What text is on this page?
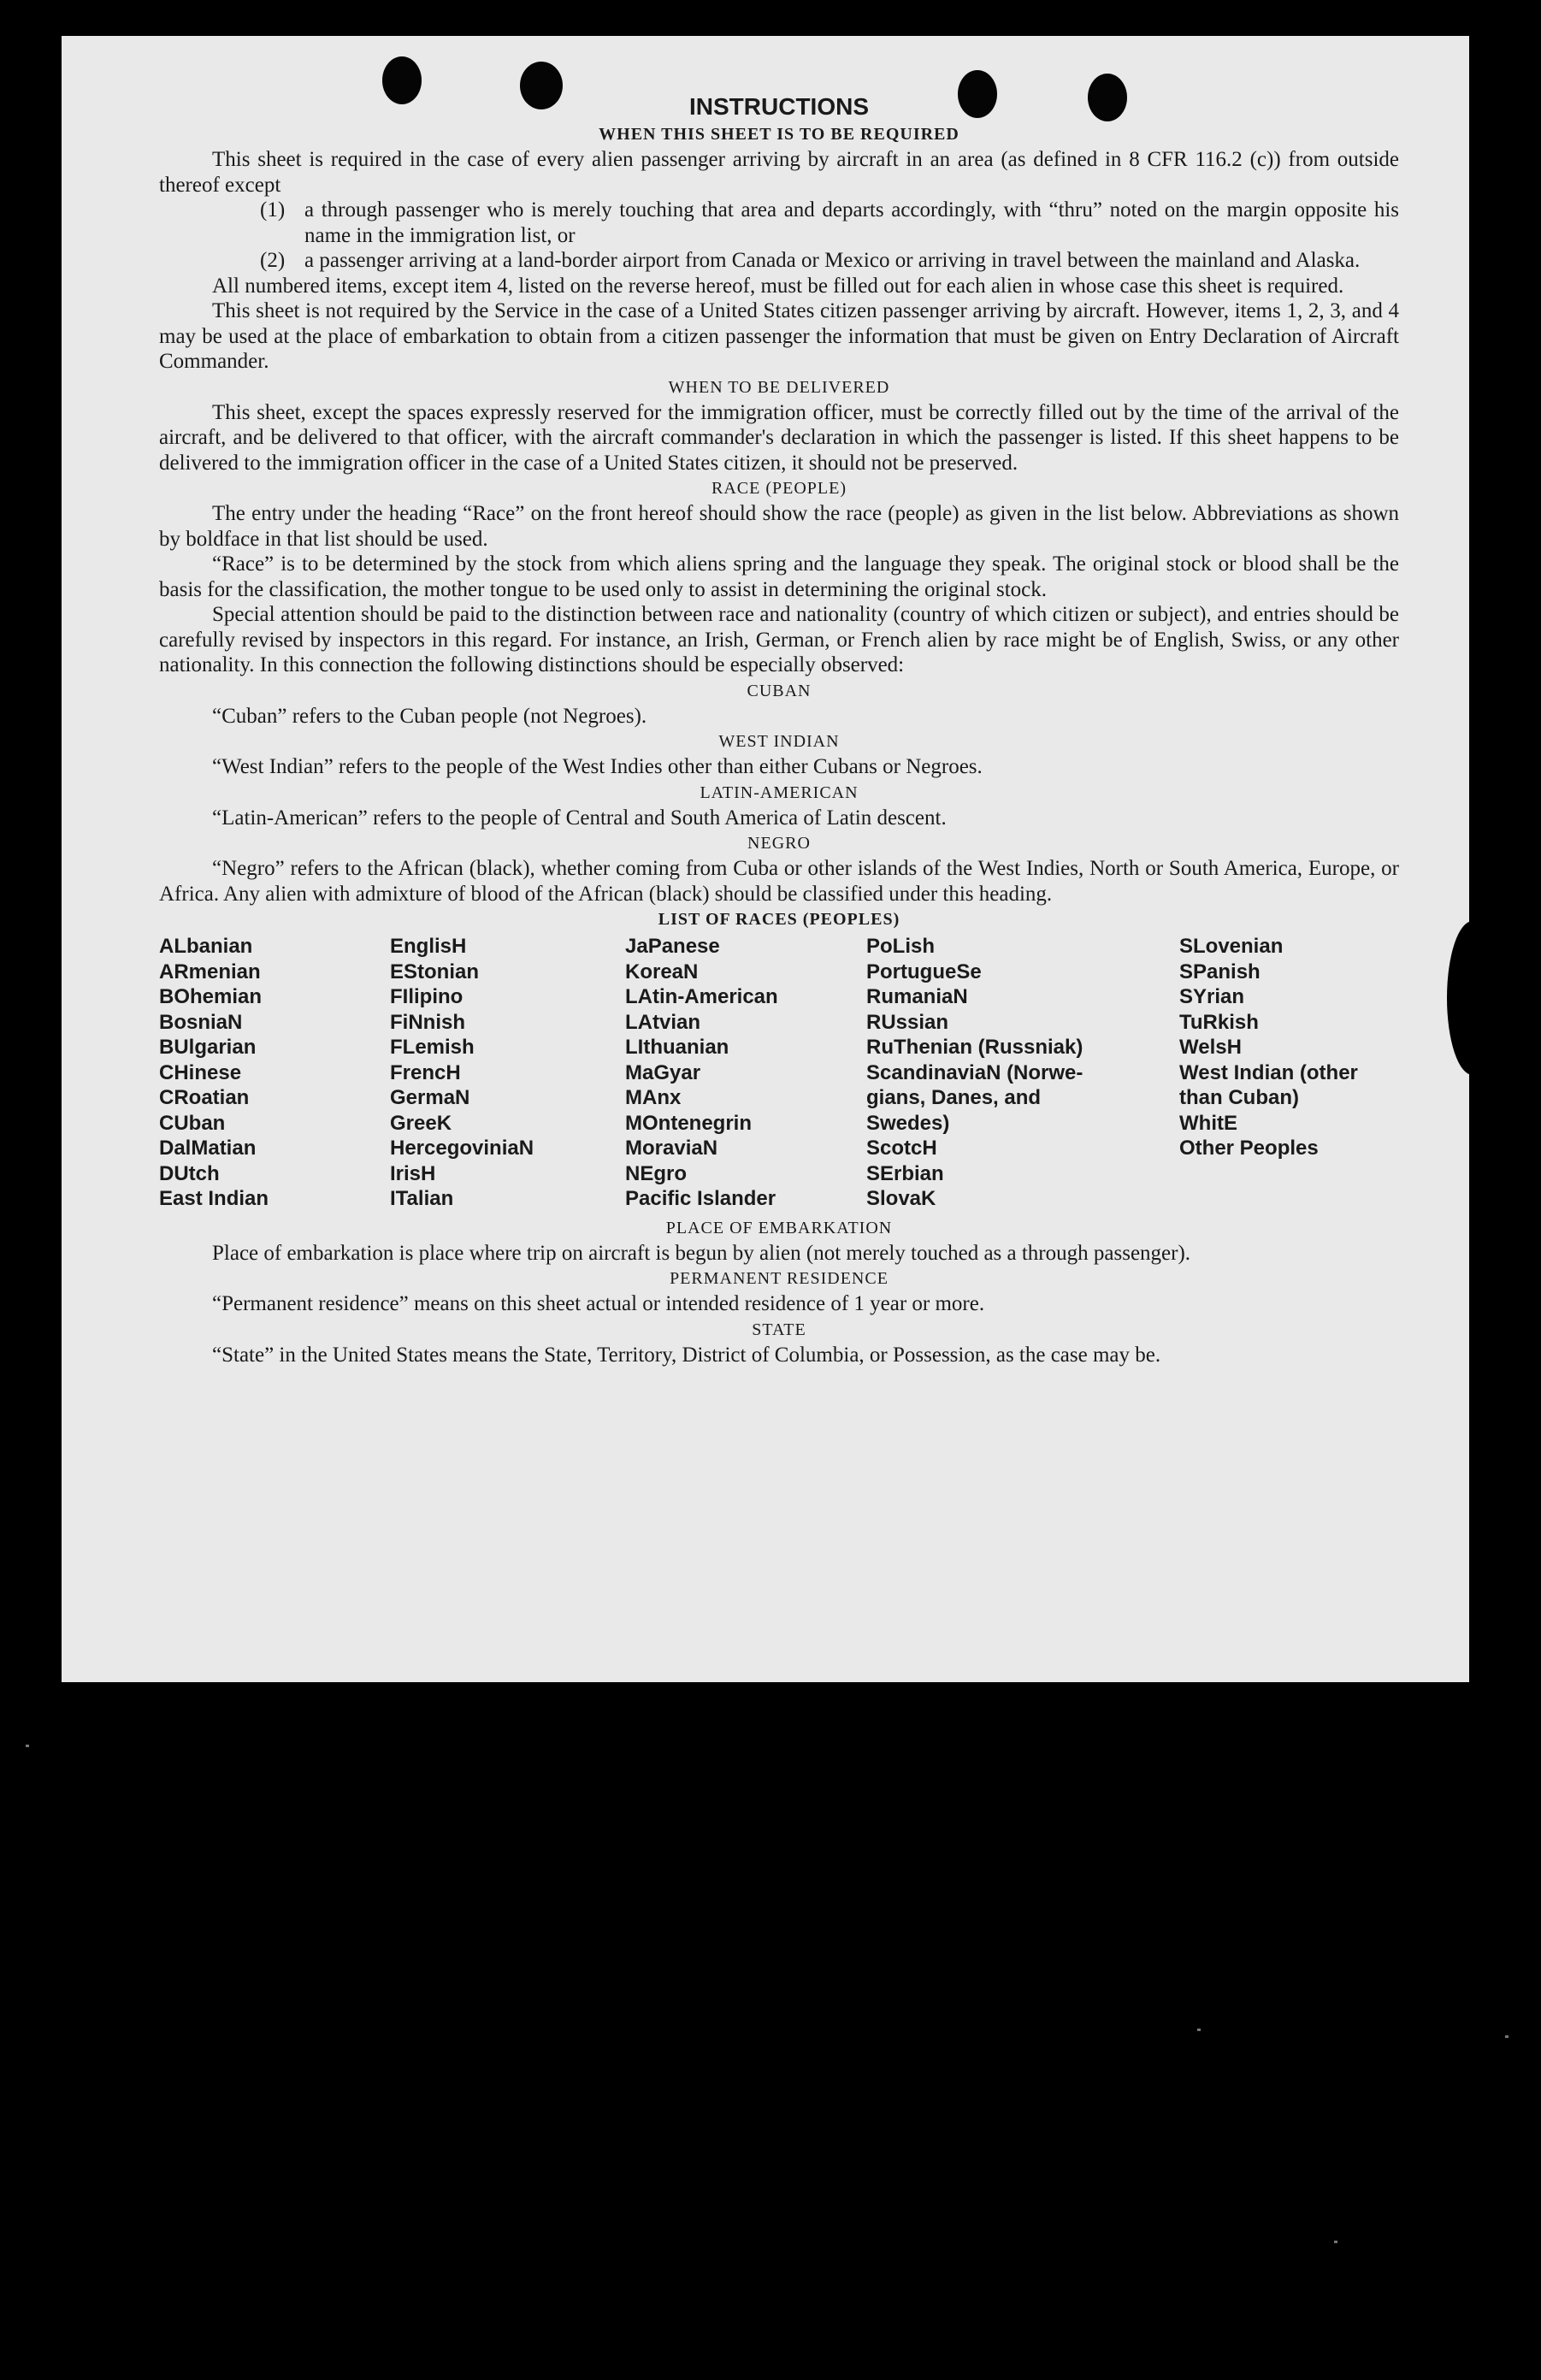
INSTRUCTIONS
WHEN THIS SHEET IS TO BE REQUIRED

This sheet is required in the case of every alien passenger arriving by aircraft in an area (as defined in 8 CFR 116.2 (c)) from outside thereof except

(1) a through passenger who is merely touching that area and departs accordingly, with “thru” noted on the margin opposite his name in the immigration list, or
(2) a passenger arriving at a land-border airport from Canada or Mexico or arriving in travel between the mainland and Alaska.

All numbered items, except item 4, listed on the reverse hereof, must be filled out for each alien in whose case this sheet is required.

This sheet is not required by the Service in the case of a United States citizen passenger arriving by aircraft. However, items 1, 2, 3, and 4 may be used at the place of embarkation to obtain from a citizen passenger the information that must be given on Entry Declaration of Aircraft Commander.

WHEN TO BE DELIVERED

This sheet, except the spaces expressly reserved for the immigration officer, must be correctly filled out by the time of the arrival of the aircraft, and be delivered to that officer, with the aircraft commander's declaration in which the passenger is listed. If this sheet happens to be delivered to the immigration officer in the case of a United States citizen, it should not be preserved.

RACE (PEOPLE)

The entry under the heading “Race” on the front hereof should show the race (people) as given in the list below. Abbreviations as shown by boldface in that list should be used.

“Race” is to be determined by the stock from which aliens spring and the language they speak. The original stock or blood shall be the basis for the classification, the mother tongue to be used only to assist in determining the original stock.

Special attention should be paid to the distinction between race and nationality (country of which citizen or subject), and entries should be carefully revised by inspectors in this regard. For instance, an Irish, German, or French alien by race might be of English, Swiss, or any other nationality. In this connection the following distinctions should be especially observed:

CUBAN

“Cuban” refers to the Cuban people (not Negroes).

WEST INDIAN

“West Indian” refers to the people of the West Indies other than either Cubans or Negroes.

LATIN-AMERICAN

“Latin-American” refers to the people of Central and South America of Latin descent.

NEGRO

“Negro” refers to the African (black), whether coming from Cuba or other islands of the West Indies, North or South America, Europe, or Africa. Any alien with admixture of blood of the African (black) should be classified under this heading.

LIST OF RACES (PEOPLES)
ALbanian
ARmenian
BOhemian
BosniaN
BUlgarian
CHinese
CRoatian
CUban
DalMatian
DUtch
East Indian
EnglisH
EStonian
FIlipino
FiNnish
FLemish
FrencH
GermaN
GreeK
HercegoviniaN
IrisH
ITalian
JaPanese
KoreaN
LAtin-American
LAtvian
LIthuanian
MaGyar
MAnx
MOntenegrin
MoraviaN
NEgro
Pacific Islander
PoLish
PortugueSe
RumaniaN
RUssian
RuThenian (Russniak)
ScandinaviaN (Norwe-
gians, Danes, and
Swedes)
ScotcH
SErbian
SlovaK
SLovenian
SPanish
SYrian
TuRkish
WelsH
West Indian (other
than Cuban)
WhitE
Other Peoples
PLACE OF EMBARKATION

Place of embarkation is place where trip on aircraft is begun by alien (not merely touched as a through passenger).

PERMANENT RESIDENCE

“Permanent residence” means on this sheet actual or intended residence of 1 year or more.

STATE

“State” in the United States means the State, Territory, District of Columbia, or Possession, as the case may be.
